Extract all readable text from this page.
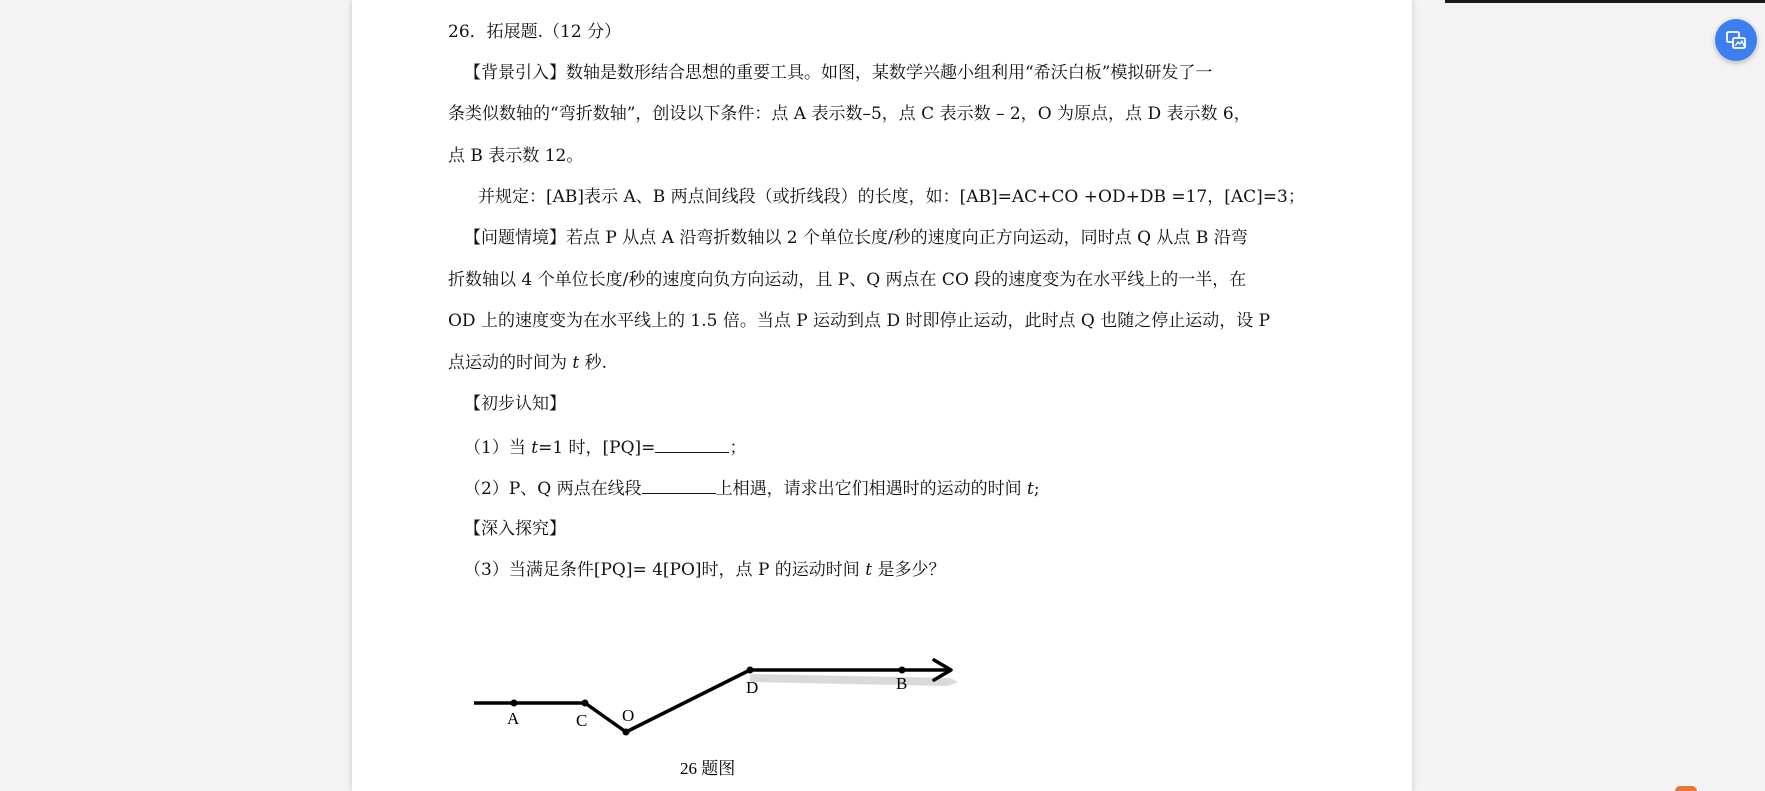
26．拓展题.（12 分）
【背景引入】数轴是数形结合思想的重要工具。如图，某数学兴趣小组利用“希沃白板”模拟研发了一
条类似数轴的“弯折数轴”，创设以下条件：点 A 表示数–5，点 C 表示数 – 2，O 为原点，点 D 表示数 6，
点 B 表示数 12。
并规定：[AB]表示 A、B 两点间线段（或折线段）的长度，如：[AB]=AC+CO +OD+DB =17，[AC]=3；
【问题情境】若点 P 从点 A 沿弯折数轴以 2 个单位长度/秒的速度向正方向运动，同时点 Q 从点 B 沿弯
折数轴以 4 个单位长度/秒的速度向负方向运动，且 P、Q 两点在 CO 段的速度变为在水平线上的一半，在
OD 上的速度变为在水平线上的 1.5 倍。当点 P 运动到点 D 时即停止运动，此时点 Q 也随之停止运动，设 P
点运动的时间为 t 秒.
【初步认知】
（1）当 t=1 时，[PQ]=	；
（2）P、Q 两点在线段	上相遇，请求出它们相遇时的运动的时间 t;
【深入探究】
（3）当满足条件[PQ]= 4[PO]时，点 P 的运动时间 t 是多少？
A	C O
D	B
26 题图
